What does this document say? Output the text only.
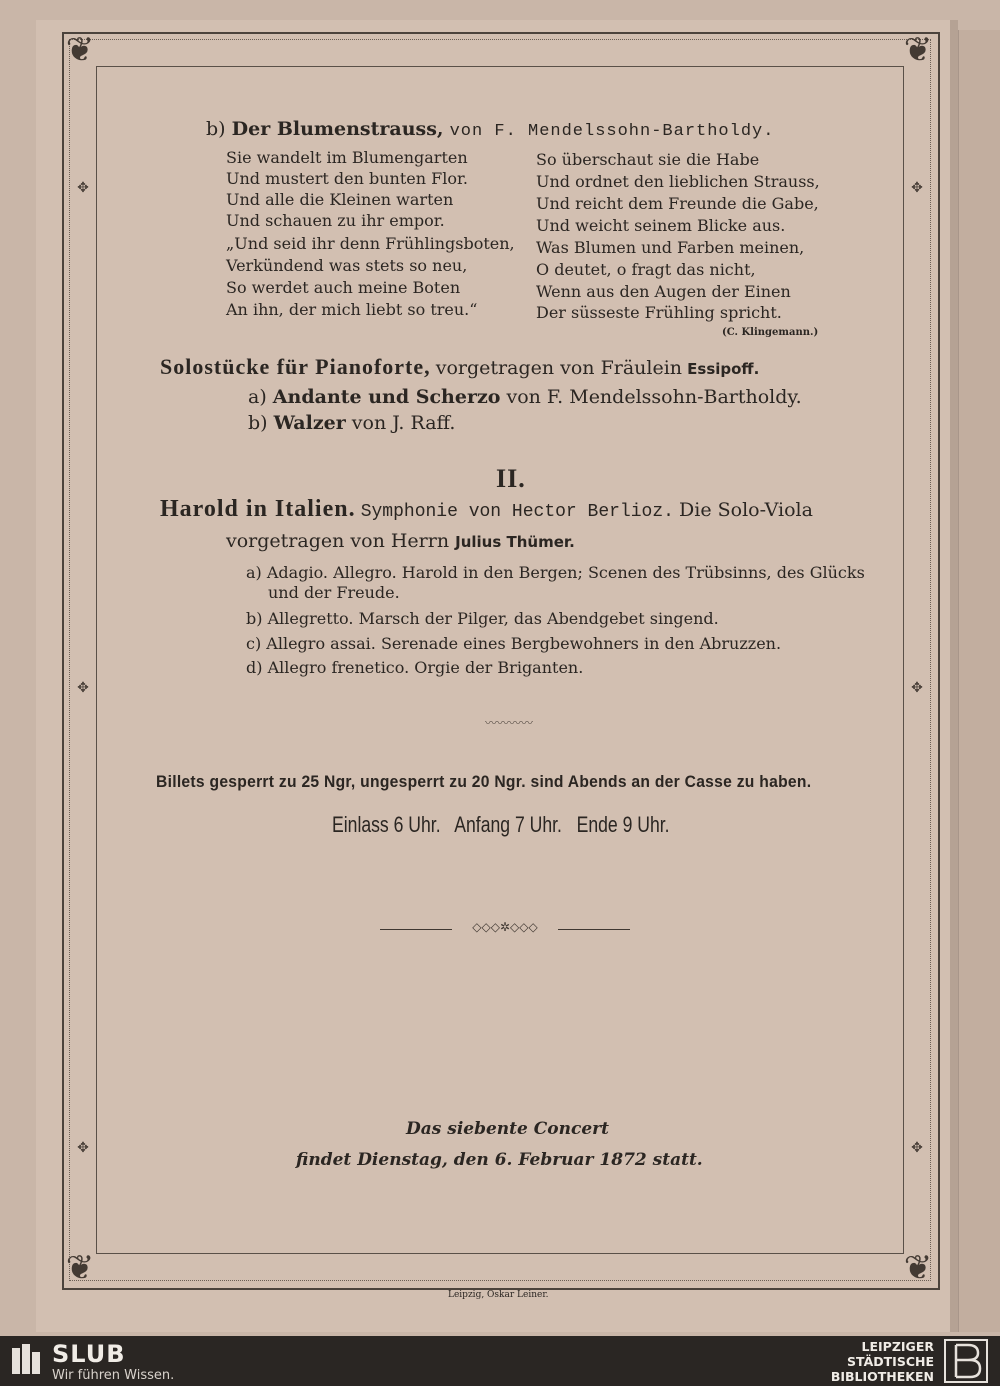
❦	❦
❦	❦
✥
✥
✥
✥
✥
✥
b) Der Blumenstrauss, von F. Mendelssohn-Bartholdy.
Sie wandelt im Blumengarten
Und mustert den bunten Flor.
Und alle die Kleinen warten
Und schauen zu ihr empor.
„Und seid ihr denn Frühlingsboten,
Verkündend was stets so neu,
So werdet auch meine Boten
An ihn, der mich liebt so treu.“
So überschaut sie die Habe
Und ordnet den lieblichen Strauss,
Und reicht dem Freunde die Gabe,
Und weicht seinem Blicke aus.
Was Blumen und Farben meinen,
O deutet, o fragt das nicht,
Wenn aus den Augen der Einen
Der süsseste Frühling spricht.
(C. Klingemann.)
Solostücke für Pianoforte, vorgetragen von Fräulein Essipoff.
a) Andante und Scherzo von F. Mendelssohn-Bartholdy.
b) Walzer von J. Raff.
II.
Harold in Italien. Symphonie von Hector Berlioz. Die Solo-Viola
vorgetragen von Herrn Julius Thümer.
a) Adagio. Allegro. Harold in den Bergen; Scenen des Trübsinns, des Glücks
und der Freude.
b) Allegretto. Marsch der Pilger, das Abendgebet singend.
c) Allegro assai. Serenade eines Bergbewohners in den Abruzzen.
d) Allegro frenetico. Orgie der Briganten.
〰〰〰〰
Billets gesperrt zu 25 Ngr, ungesperrt zu 20 Ngr. sind Abends an der Casse zu haben.
Einlass 6 Uhr.   Anfang 7 Uhr.   Ende 9 Uhr.
◇◇◇✲◇◇◇
Das siebente Concert
findet Dienstag, den 6. Februar 1872 statt.
Leipzig, Oskar Leiner.
SLUB
Wir führen Wissen.
LEIPZIGER
STÄDTISCHE
BIBLIOTHEKEN
